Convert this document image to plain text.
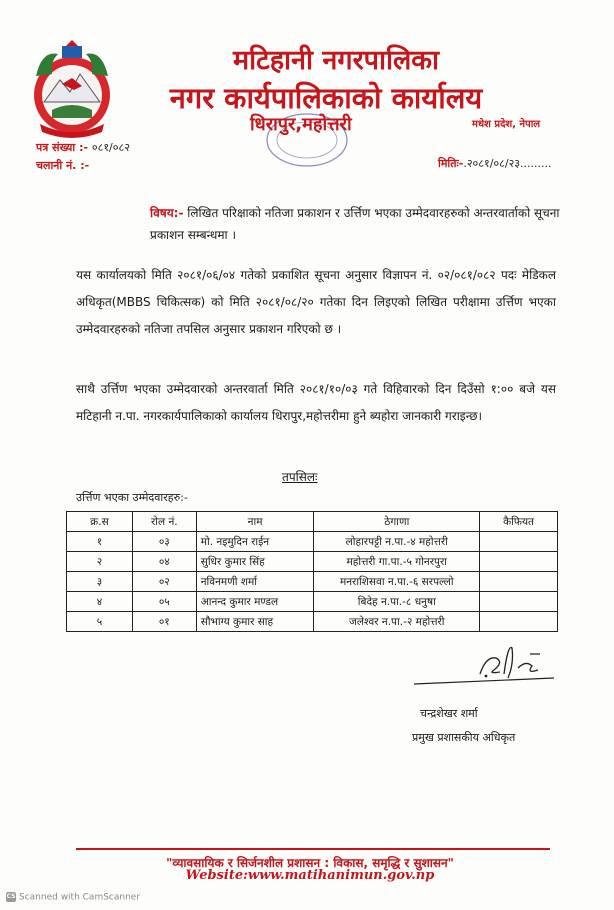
मटिहानी नगरपालिका
नगर कार्यपालिकाको कार्यालय
धिरापुर,महोत्तरी	मधेश प्रदेश, नेपाल
पत्र संख्या :- ०८१/०८२
चलानी नं. :-	मितिः-.२०८१/०८/२३.........
विषय:- लिखित परिक्षाको नतिजा प्रकाशन र उर्त्तिण भएका उम्मेदवारहरुको अन्तरवार्ताको सूचना प्रकाशन सम्बन्धमा ।
यस कार्यालयको मिति २०८१/०६/०४ गतेको प्रकाशित सूचना अनुसार विज्ञापन नं. ०२/०८१/०८२ पदः मेडिकल अधिकृत(MBBS चिकित्सक) को मिति २०८१/०८/२० गतेका दिन लिइएको लिखित परीक्षामा उर्त्तिण भएका उम्मेदवारहरुको नतिजा तपसिल अनुसार प्रकाशन गरिएको छ ।
साथै उर्त्तिण भएका उम्मेदवारको अन्तरवार्ता मिति २०८१/१०/०३ गते विहिवारको दिन दिउँसो १:०० बजे यस मटिहानी न.पा. नगरकार्यपालिकाको कार्यालय धिरापुर,महोत्तरीमा हुने ब्यहोरा जानकारी गराइन्छ।
तपसिलः
उर्त्तिण भएका उम्मेदवारहरु:-
क्र.स	रोल नं.	नाम	ठेगाणा	कैफियत
१	०३	मो. नइमुदिन राईन	लोहारपट्टी न.पा.-४ महोत्तरी	
२	०४	सुधिर कुमार सिंह	महोत्तरी गा.पा.-५ गोनरपुरा	
३	०२	नविनमणी शर्मा	मनराशिसवा न.पा.-६ सरपल्लो	
४	०५	आनन्द कुमार मण्डल	बिदेह न.पा.-८ धनुषा	
५	०१	सौभाग्य कुमार साह	जलेश्वर न.पा.-२ महोत्तरी	
चन्द्रशेखर शर्मा
प्रमुख प्रशासकीय अधिकृत
"व्यावसायिक र सिर्जनशील प्रशासन : विकास, समृद्धि र सुशासन"
Website:www.matihanimun.gov.np
CS Scanned with CamScanner
